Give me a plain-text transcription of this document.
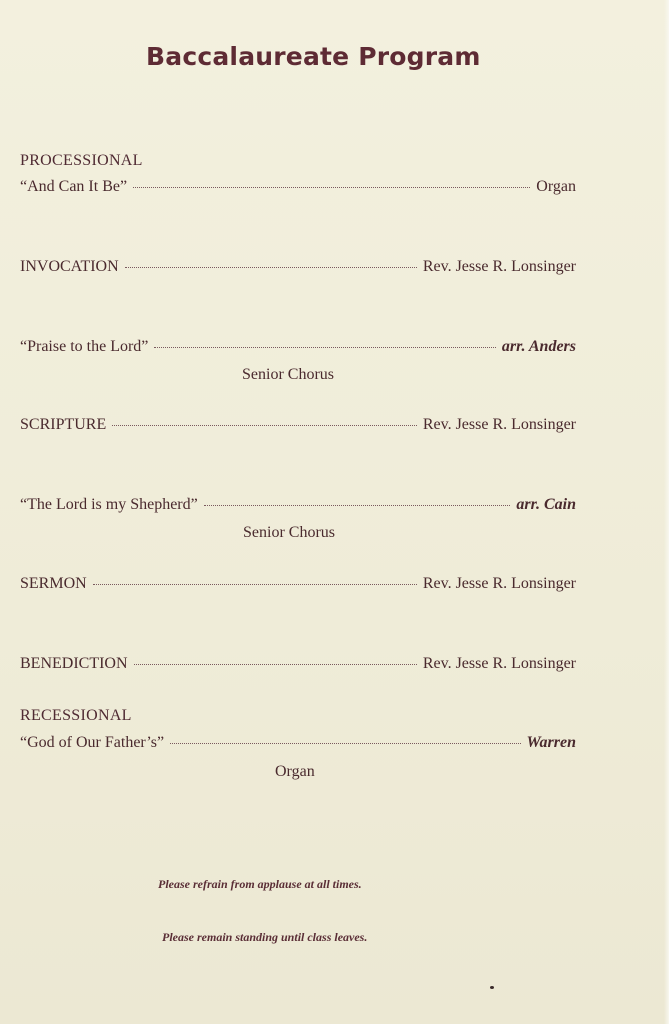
Baccalaureate Program
PROCESSIONAL
“And Can It Be”	Organ
INVOCATION	Rev. Jesse R. Lonsinger
“Praise to the Lord”	arr. Anders
Senior Chorus
SCRIPTURE	Rev. Jesse R. Lonsinger
“The Lord is my Shepherd”	arr. Cain
Senior Chorus
SERMON	Rev. Jesse R. Lonsinger
BENEDICTION	Rev. Jesse R. Lonsinger
RECESSIONAL
“God of Our Father’s”	Warren
Organ
Please refrain from applause at all times.
Please remain standing until class leaves.
